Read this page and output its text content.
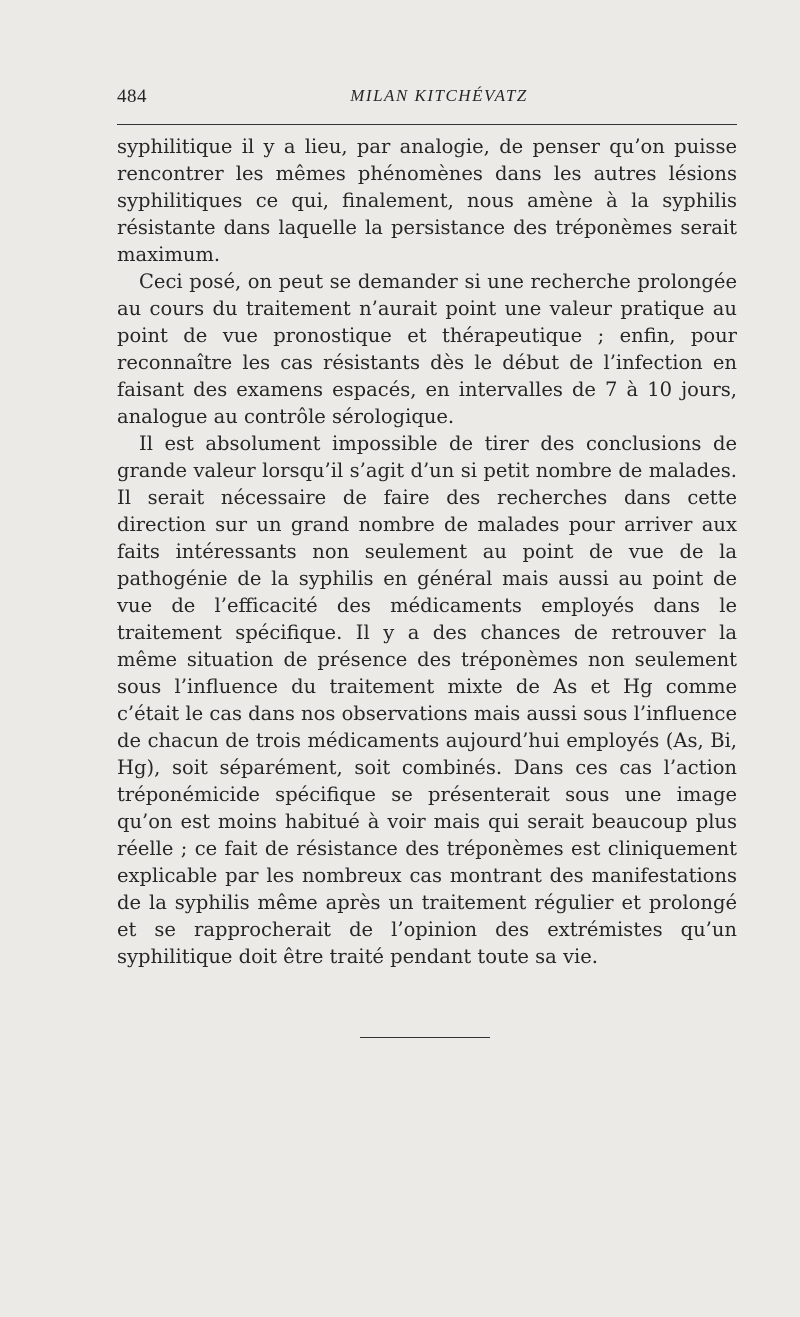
484	MILAN KITCHÉVATZ

syphilitique il y a lieu, par analogie, de penser qu’on puisse rencontrer les mêmes phénomènes dans les autres lésions syphilitiques ce qui, finalement, nous amène à la syphilis résistante dans laquelle la persistance des tréponèmes serait maximum.

Ceci posé, on peut se demander si une recherche prolongée au cours du traitement n’aurait point une valeur pratique au point de vue pronostique et thérapeutique ; enfin, pour reconnaître les cas résistants dès le début de l’infection en faisant des examens espacés, en intervalles de 7 à 10 jours, analogue au contrôle sérologique.

Il est absolument impossible de tirer des conclusions de grande valeur lorsqu’il s’agit d’un si petit nombre de malades. Il serait nécessaire de faire des recherches dans cette direction sur un grand nombre de malades pour arriver aux faits intéressants non seulement au point de vue de la pathogénie de la syphilis en général mais aussi au point de vue de l’efficacité des médicaments employés dans le traitement spécifique. Il y a des chances de retrouver la même situation de présence des tréponèmes non seulement sous l’influence du traitement mixte de As et Hg comme c’était le cas dans nos observations mais aussi sous l’influence de chacun de trois médicaments aujourd’hui employés (As, Bi, Hg), soit séparément, soit combinés. Dans ces cas l’action tréponémicide spécifique se présenterait sous une image qu’on est moins habitué à voir mais qui serait beaucoup plus réelle ; ce fait de résistance des tréponèmes est cliniquement explicable par les nombreux cas montrant des manifestations de la syphilis même après un traitement régulier et prolongé et se rapprocherait de l’opinion des extrémistes qu’un syphilitique doit être traité pendant toute sa vie.
